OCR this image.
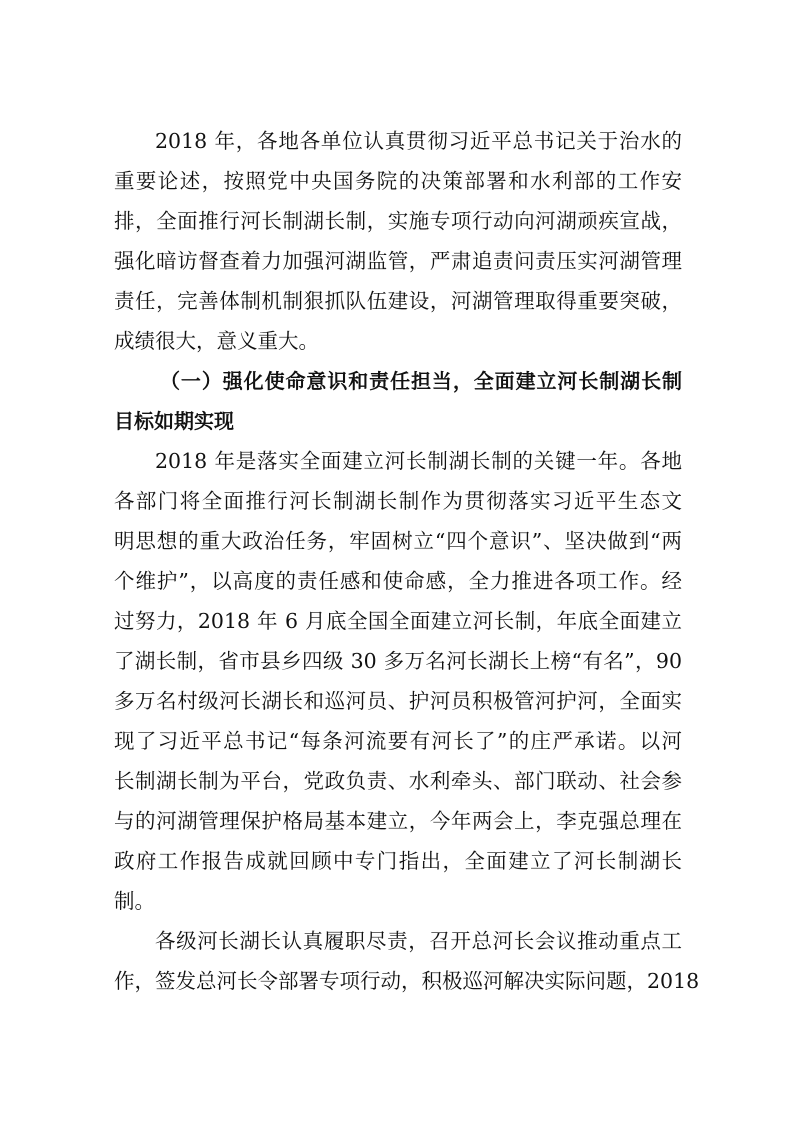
2018 年，各地各单位认真贯彻习近平总书记关于治水的
重要论述，按照党中央国务院的决策部署和水利部的工作安
排，全面推行河长制湖长制，实施专项行动向河湖顽疾宣战，
强化暗访督查着力加强河湖监管，严肃追责问责压实河湖管理
责任，完善体制机制狠抓队伍建设，河湖管理取得重要突破，
成绩很大，意义重大。
（一）强化使命意识和责任担当，全面建立河长制湖长制
目标如期实现
2018 年是落实全面建立河长制湖长制的关键一年。各地
各部门将全面推行河长制湖长制作为贯彻落实习近平生态文
明思想的重大政治任务，牢固树立“四个意识”、坚决做到“两
个维护”，以高度的责任感和使命感，全力推进各项工作。经
过努力，2018 年 6 月底全国全面建立河长制，年底全面建立
了湖长制，省市县乡四级 30 多万名河长湖长上榜“有名”，90
多万名村级河长湖长和巡河员、护河员积极管河护河，全面实
现了习近平总书记“每条河流要有河长了”的庄严承诺。以河
长制湖长制为平台，党政负责、水利牵头、部门联动、社会参
与的河湖管理保护格局基本建立，今年两会上，李克强总理在
政府工作报告成就回顾中专门指出，全面建立了河长制湖长
制。
各级河长湖长认真履职尽责，召开总河长会议推动重点工
作，签发总河长令部署专项行动，积极巡河解决实际问题，2018
